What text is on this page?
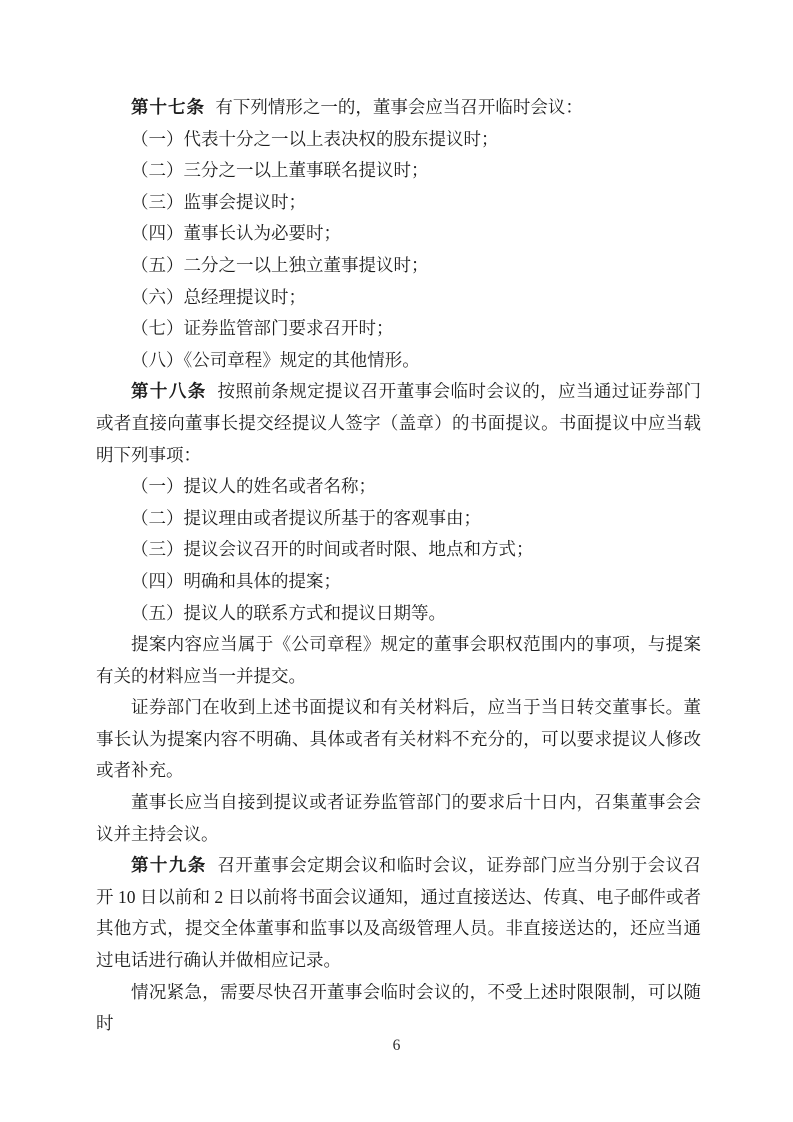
第十七条 有下列情形之一的，董事会应当召开临时会议：

（一）代表十分之一以上表决权的股东提议时；

（二）三分之一以上董事联名提议时；

（三）监事会提议时；

（四）董事长认为必要时；

（五）二分之一以上独立董事提议时；

（六）总经理提议时；

（七）证券监管部门要求召开时；

（八）《公司章程》规定的其他情形。

第十八条 按照前条规定提议召开董事会临时会议的，应当通过证券部门或者直接向董事长提交经提议人签字（盖章）的书面提议。书面提议中应当载明下列事项：

（一）提议人的姓名或者名称；

（二）提议理由或者提议所基于的客观事由；

（三）提议会议召开的时间或者时限、地点和方式；

（四）明确和具体的提案；

（五）提议人的联系方式和提议日期等。

提案内容应当属于《公司章程》规定的董事会职权范围内的事项，与提案有关的材料应当一并提交。

证券部门在收到上述书面提议和有关材料后，应当于当日转交董事长。董事长认为提案内容不明确、具体或者有关材料不充分的，可以要求提议人修改或者补充。

董事长应当自接到提议或者证券监管部门的要求后十日内，召集董事会会议并主持会议。

第十九条 召开董事会定期会议和临时会议，证券部门应当分别于会议召开 10 日以前和 2 日以前将书面会议通知，通过直接送达、传真、电子邮件或者其他方式，提交全体董事和监事以及高级管理人员。非直接送达的，还应当通过电话进行确认并做相应记录。

情况紧急，需要尽快召开董事会临时会议的，不受上述时限限制，可以随时

6
